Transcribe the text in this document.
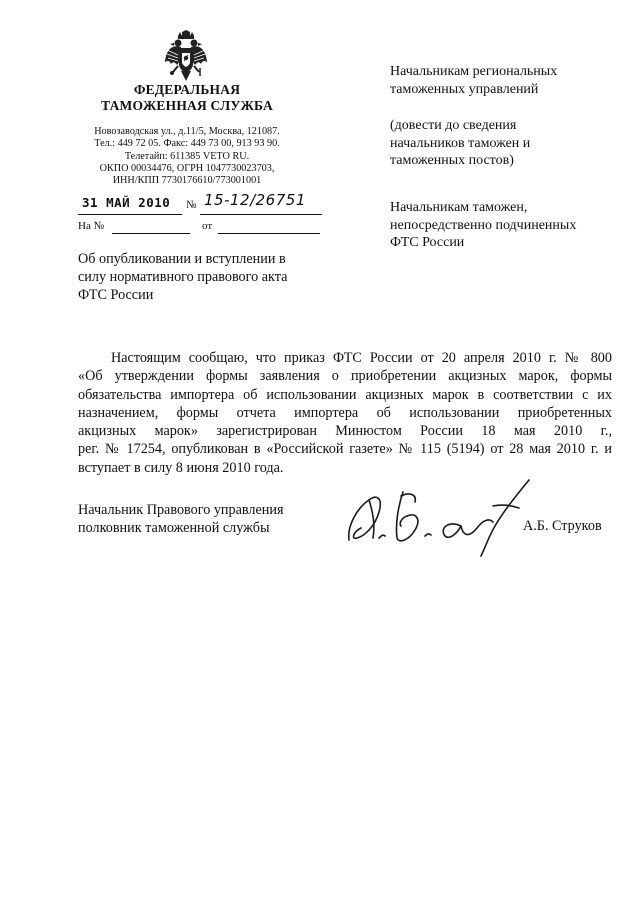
ФЕДЕРАЛЬНАЯ
ТАМОЖЕННАЯ СЛУЖБА
Новозаводская ул., д.11/5, Москва, 121087.
Тел.: 449 72 05. Факс: 449 73 00, 913 93 90.
Телетайп: 611385 VETO RU.
ОКПО 00034476, ОГРН 1047730023703,
ИНН/КПП 7730176610/773001001
31 МАЙ 2010 № 15-12/26751
На №	от
Об опубликовании и вступлении в
силу нормативного правового акта
ФТС России
Начальникам региональных
таможенных управлений
(довести до сведения
начальников таможен и
таможенных постов)
Начальникам таможен,
непосредственно подчиненных
ФТС России
Настоящим сообщаю, что приказ ФТС России от 20 апреля 2010 г. № 800
«Об утверждении формы заявления о приобретении акцизных марок, формы
обязательства импортера об использовании акцизных марок в соответствии с их
назначением, формы отчета импортера об использовании приобретенных
акцизных марок» зарегистрирован Минюстом России 18 мая 2010 г.,
рег. № 17254, опубликован в «Российской газете» № 115 (5194) от 28 мая 2010 г. и
вступает в силу 8 июня 2010 года.
Начальник Правового управления
полковник таможенной службы	А.Б. Струков
